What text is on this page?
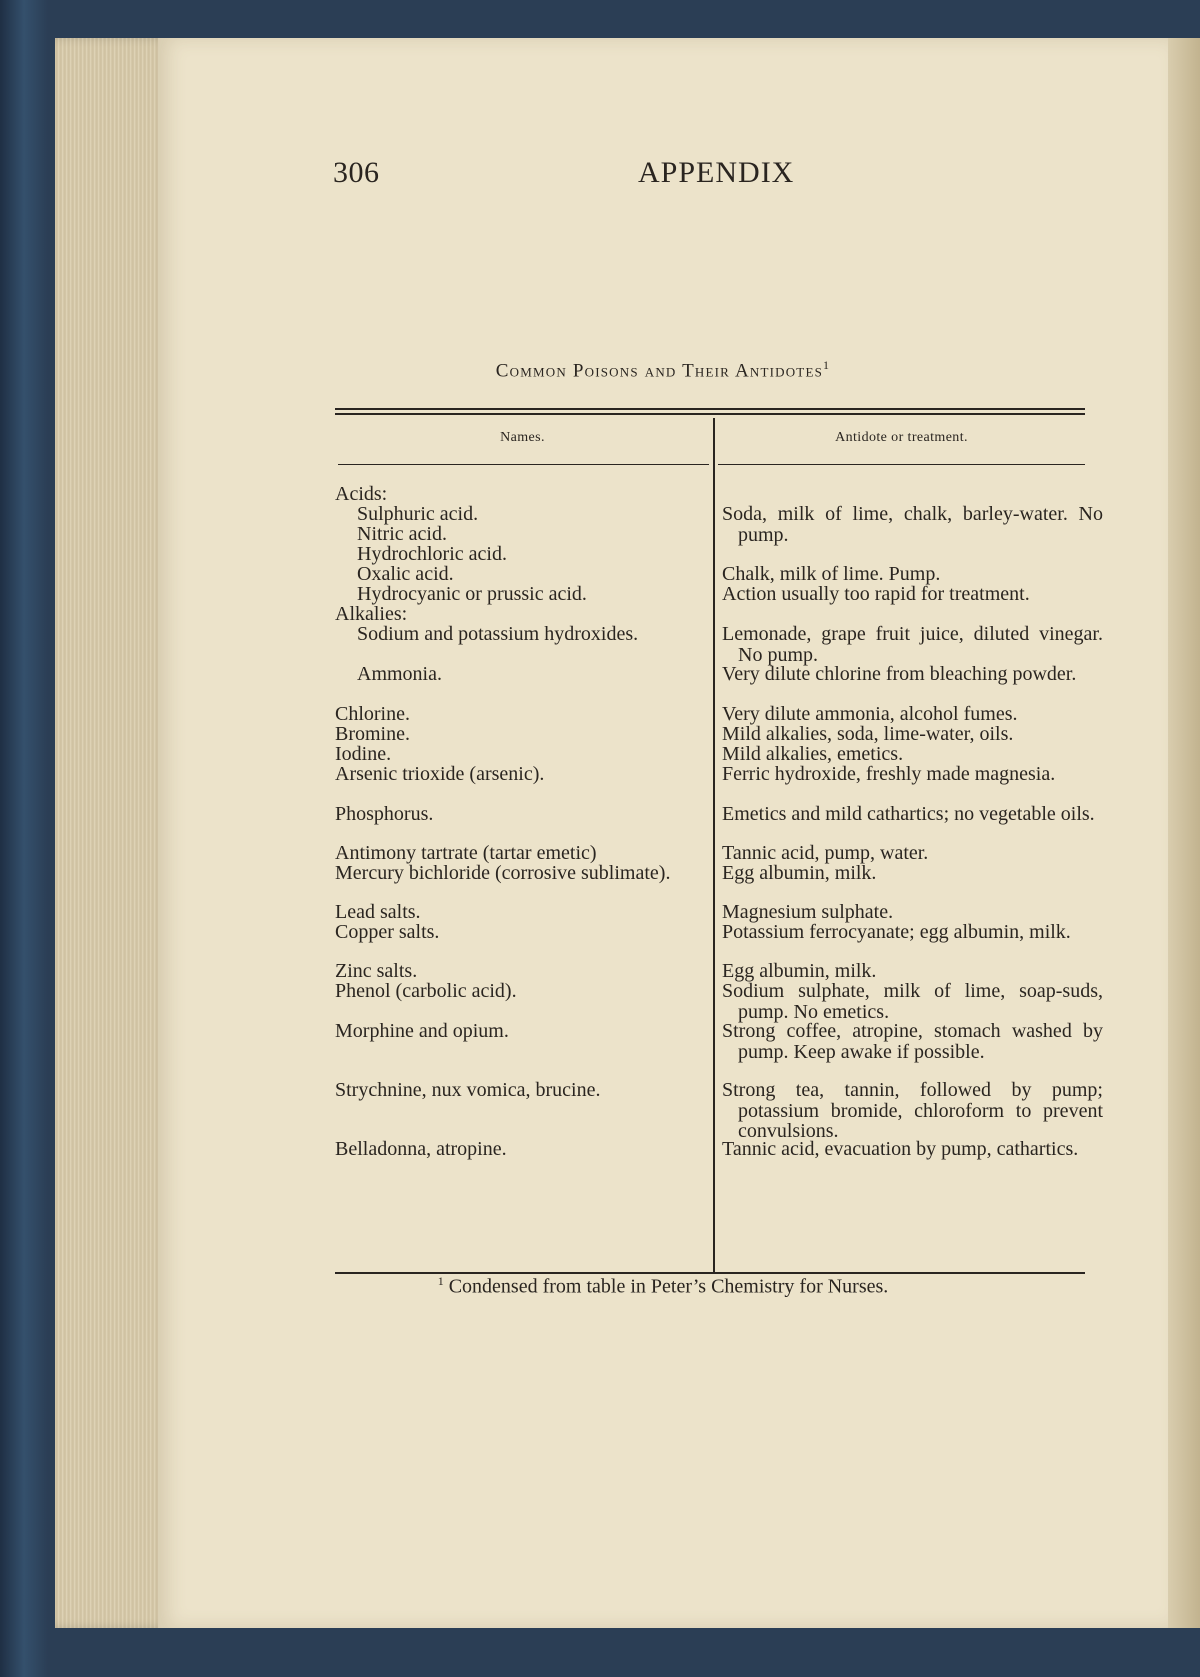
306	APPENDIX
Common Poisons and Their Antidotes$^1$
Names.	Antidote or treatment.
Acids:
Sulphuric acid.
Nitric acid.
Hydrochloric acid.
Oxalic acid.
Hydrocyanic or prussic acid.
Alkalies:
Sodium and potassium hydroxides.
Ammonia.
Chlorine.
Bromine.
Iodine.
Arsenic trioxide (arsenic).
Phosphorus.
Antimony tartrate (tartar emetic)
Mercury bichloride (corrosive sublimate).
Lead salts.
Copper salts.
Zinc salts.
Phenol (carbolic acid).
Morphine and opium.
Strychnine, nux vomica, brucine.
Belladonna, atropine.
Soda, milk of lime, chalk, barley-water. No pump.
Chalk, milk of lime. Pump.
Action usually too rapid for treatment.
Lemonade, grape fruit juice, diluted vinegar. No pump.
Very dilute chlorine from bleaching powder.
Very dilute ammonia, alcohol fumes.
Mild alkalies, soda, lime-water, oils.
Mild alkalies, emetics.
Ferric hydroxide, freshly made magnesia.
Emetics and mild cathartics; no vegetable oils.
Tannic acid, pump, water.
Egg albumin, milk.
Magnesium sulphate.
Potassium ferrocyanate; egg albumin, milk.
Egg albumin, milk.
Sodium sulphate, milk of lime, soap-suds, pump. No emetics.
Strong coffee, atropine, stomach washed by pump. Keep awake if possible.
Strong tea, tannin, followed by pump; potassium bromide, chloroform to prevent convulsions.
Tannic acid, evacuation by pump, cathartics.
$^1$ Condensed from table in Peter’s Chemistry for Nurses.
